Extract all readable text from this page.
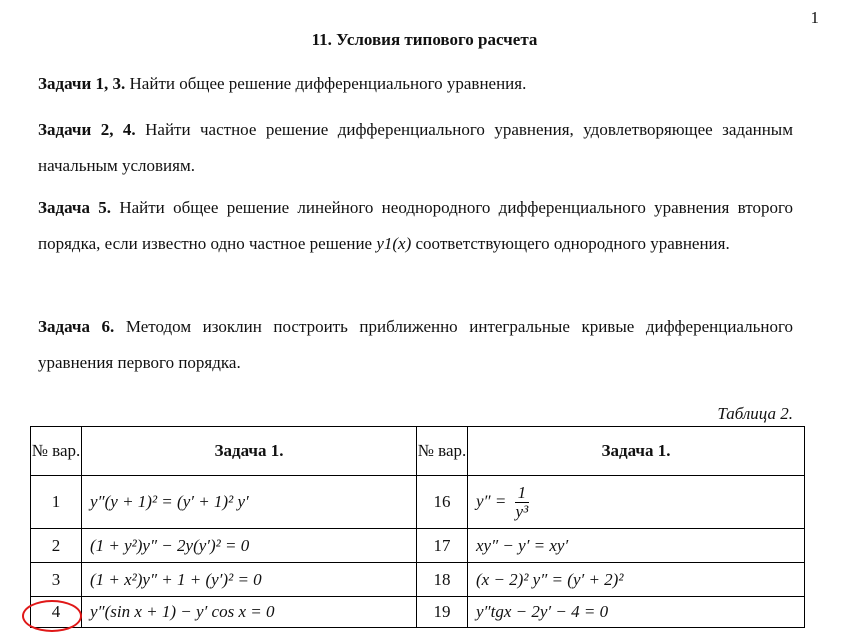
1
11. Условия типового расчета
Задачи 1, 3. Найти общее решение дифференциального уравнения.
Задачи 2, 4. Найти частное решение дифференциального уравнения, удовлетворяющее заданным начальным условиям.
Задача 5. Найти общее решение линейного неоднородного дифференциального уравнения второго порядка, если известно одно частное решение y1(x) соответствующего однородного уравнения.
Задача 6. Методом изоклин построить приближенно интегральные кривые дифференциального уравнения первого порядка.
Таблица 2.
№ вар.	Задача 1.	№ вар.	Задача 1.
1	y″(y + 1)² = (y′ + 1)² y′	16	$y'' = \frac{1}{\text{y³}}$

2	(1 + y²)y″ − 2y(y′)² = 0	17	xy″ − y′ = xy′
3	(1 + x²)y″ + 1 + (y′)² = 0	18	(x − 2)² y″ = (y′ + 2)²
4	y″(sin x + 1) − y′ cos x = 0	19	y″tgx − 2y′ − 4 = 0
